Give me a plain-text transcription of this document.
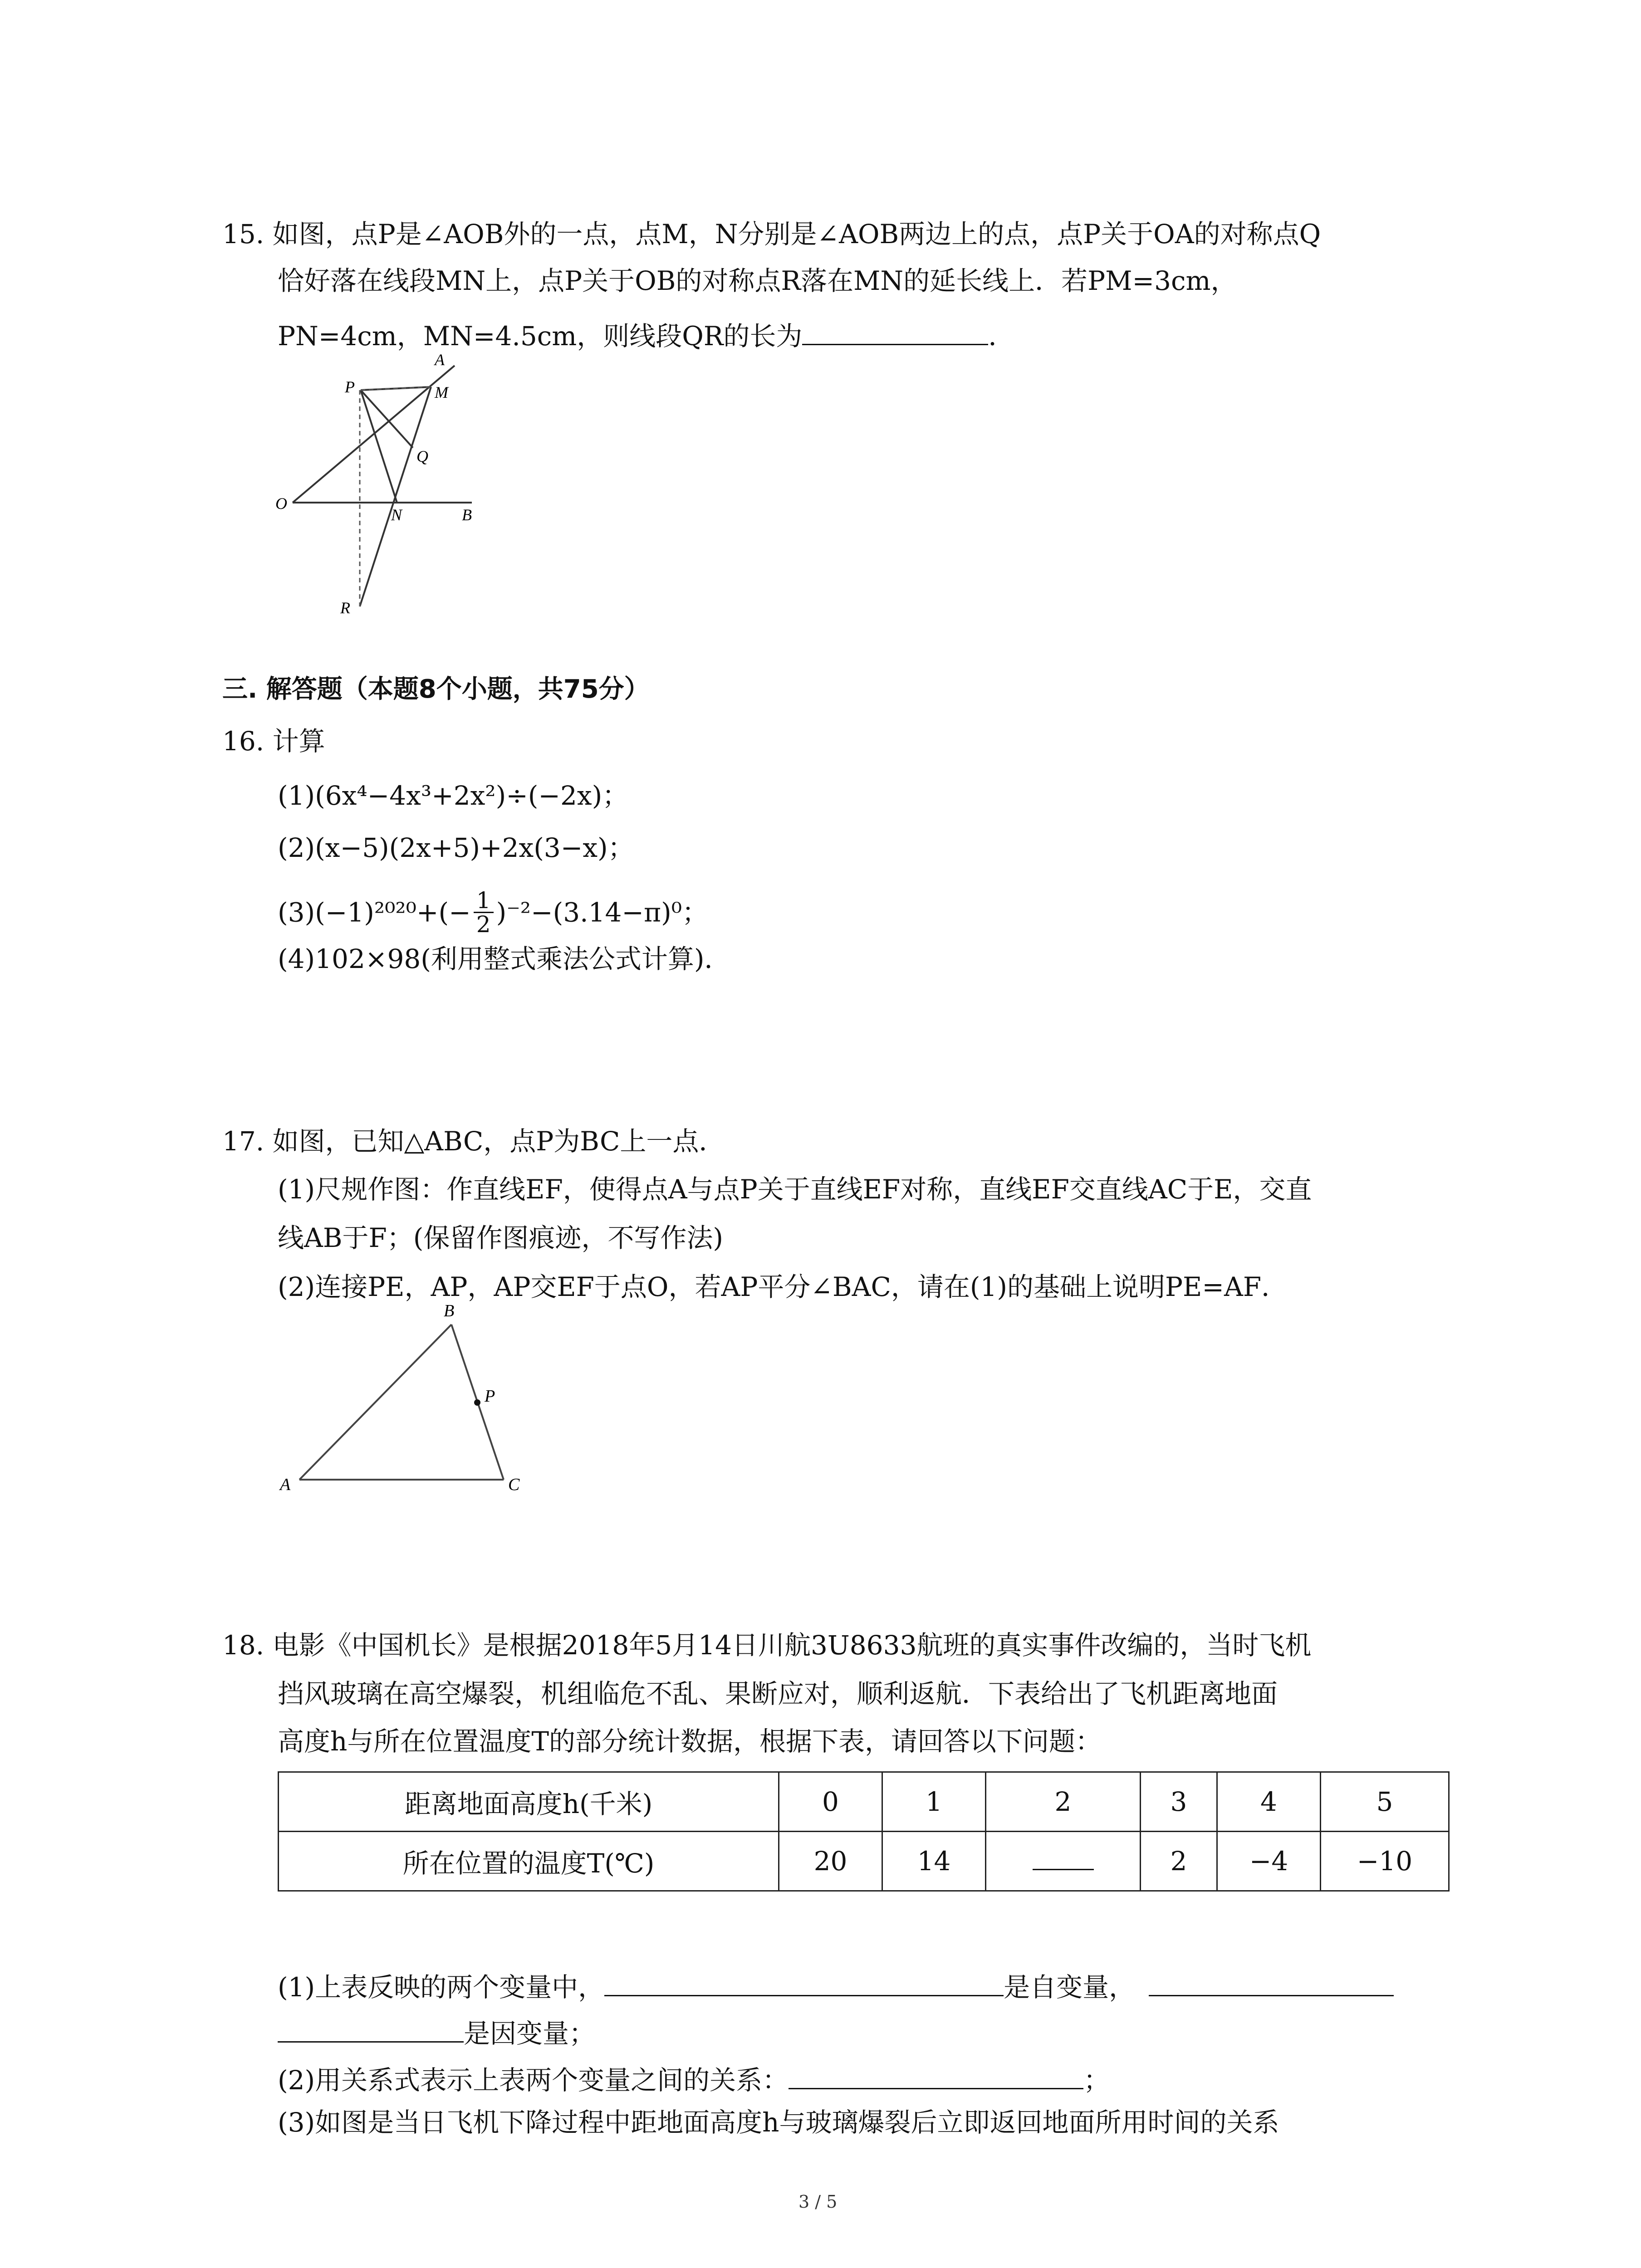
15. 如图，点P是∠AOB外的一点，点M，N分别是∠AOB两边上的点，点P关于OA的对称点Q
恰好落在线段MN上，点P关于OB的对称点R落在MN的延长线上．若PM=3cm，
PN=4cm，MN=4.5cm，则线段QR的长为	．
A
P	M
Q
O
N	B
R
三. 解答题（本题8个小题，共75分）
16. 计算
(1)(6x⁴−4x³+2x²)÷(−2x)；
(2)(x−5)(2x+5)+2x(3−x)；
$(3)(-1)^{2020}+(- \frac{1}{2} )^{-2}-(3.14-\pi)^0$；
(4)102×98(利用整式乘法公式计算)．
17. 如图，已知△ABC，点P为BC上一点．
(1)尺规作图：作直线EF，使得点A与点P关于直线EF对称，直线EF交直线AC于E，交直
线AB于F；(保留作图痕迹，不写作法)
(2)连接PE，AP，AP交EF于点O，若AP平分∠BAC，请在(1)的基础上说明PE=AF．
B
P
A	C
18. 电影《中国机长》是根据2018年5月14日川航3U8633航班的真实事件改编的，当时飞机
挡风玻璃在高空爆裂，机组临危不乱、果断应对，顺利返航．下表给出了飞机距离地面
高度h与所在位置温度T的部分统计数据，根据下表，请回答以下问题：
距离地面高度h(千米)	0	1	2	3	4	5
所在位置的温度T(℃)	20	14		2	−4	−10
(1)上表反映的两个变量中，	是自变量，
是因变量；
(2)用关系式表示上表两个变量之间的关系：	；
(3)如图是当日飞机下降过程中距地面高度h与玻璃爆裂后立即返回地面所用时间的关系
3 / 5
